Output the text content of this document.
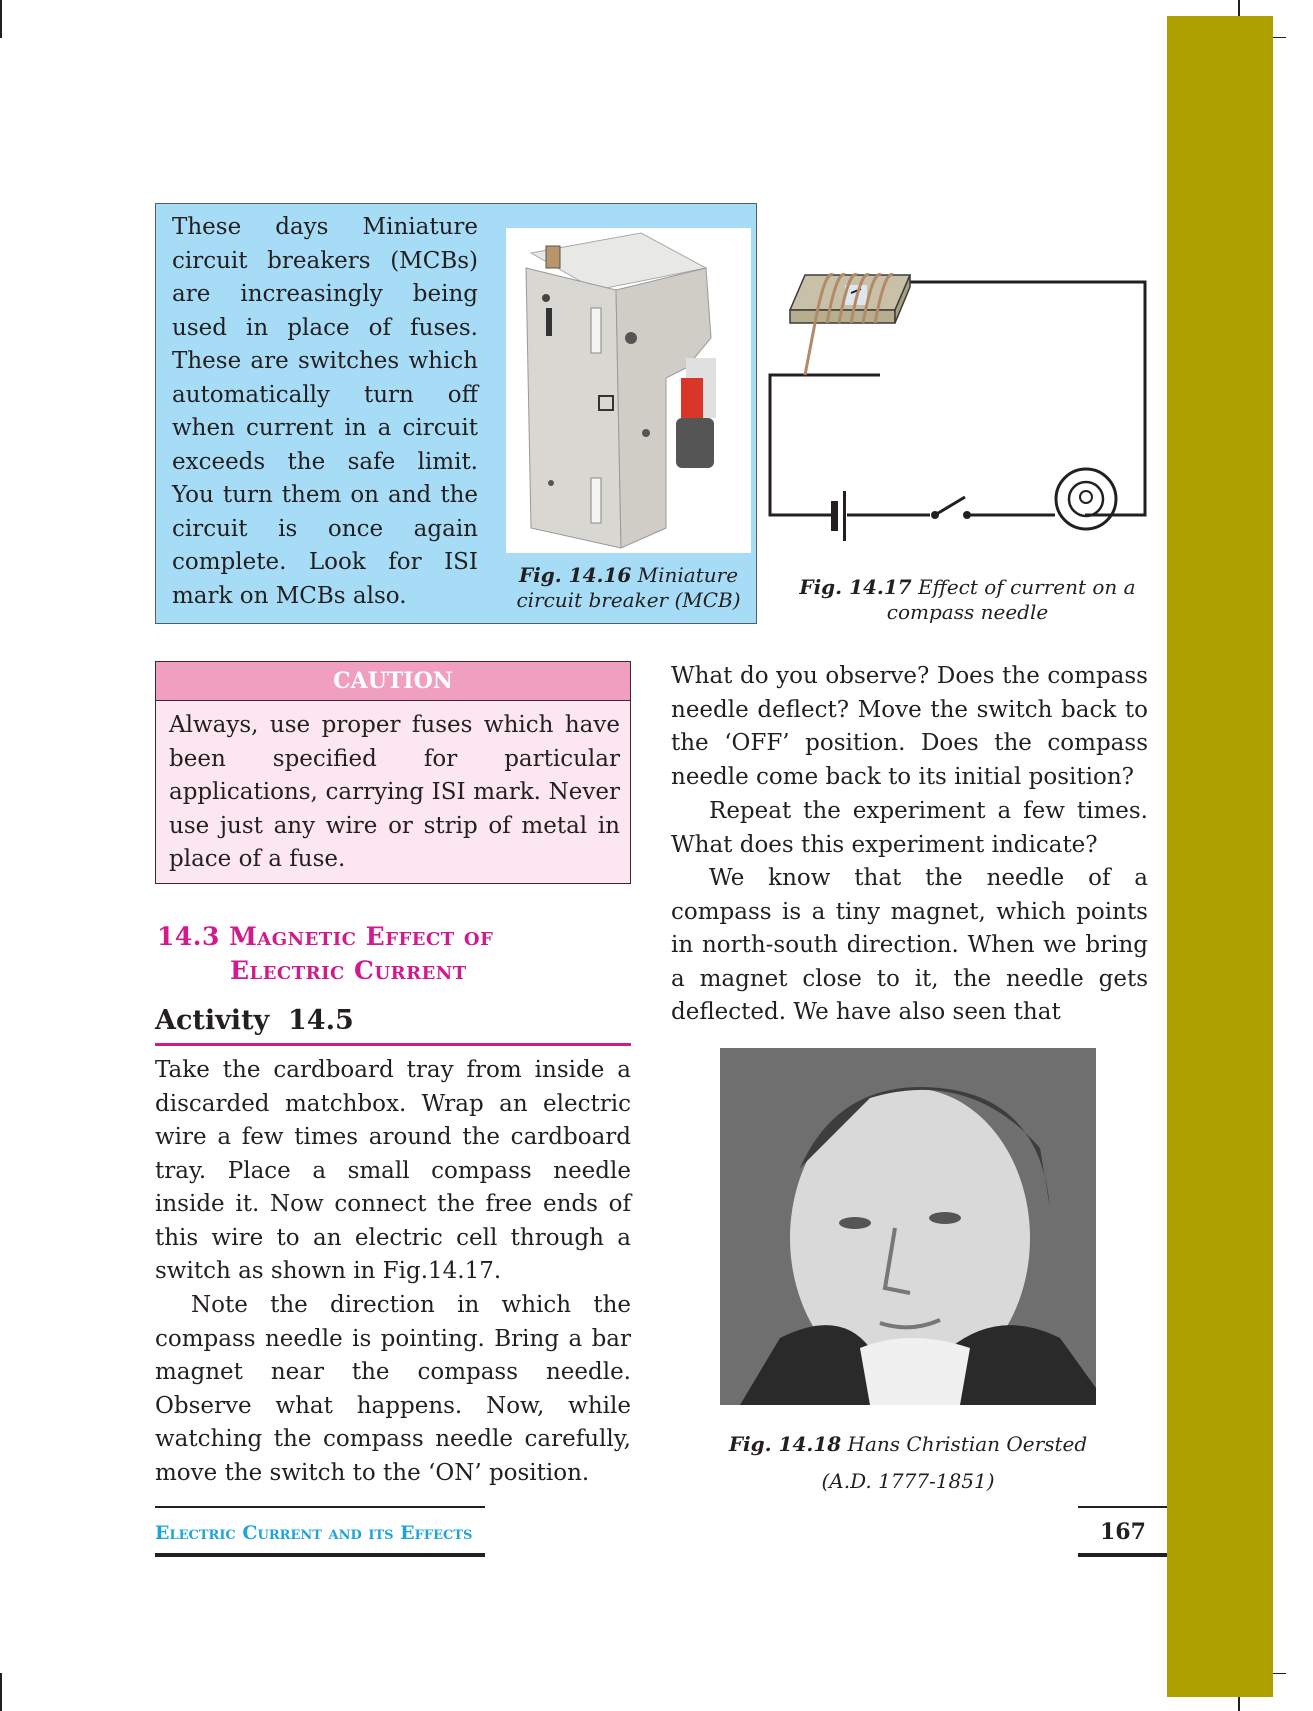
These days Miniature circuit breakers (MCBs) are increasingly being used in place of fuses. These are switches which automatically turn off when current in a circuit exceeds the safe limit. You turn them on and the circuit is once again complete. Look for ISI mark on MCBs also.
Fig. 14.16 Miniature
circuit breaker (MCB)
Fig. 14.17 Effect of current on a
compass needle
CAUTION
Always, use proper fuses which have been specified for particular applications, carrying ISI mark. Never use just any wire or strip of metal in place of a fuse.
14.3 Magnetic Effect of
Electric Current
Activity  14.5
Take the cardboard tray from inside a discarded matchbox. Wrap an electric wire a few times around the cardboard tray. Place a small compass needle inside it. Now connect the free ends of this wire to an electric cell through a switch as shown in Fig.14.17.
Note the direction in which the compass needle is pointing. Bring a bar magnet near the compass needle. Observe what happens. Now, while watching the compass needle carefully, move the switch to the ‘ON’ position.
What do you observe? Does the compass needle deflect? Move the switch back to the ‘OFF’ position. Does the compass needle come back to its initial position?
Repeat the experiment a few times. What does this experiment indicate?
We know that the needle of a compass is a tiny magnet, which points in north-south direction. When we bring a magnet close to it, the needle gets deflected. We have also seen that
Fig. 14.18 Hans Christian Oersted
(A.D. 1777-1851)
Electric Current and its Effects	167
